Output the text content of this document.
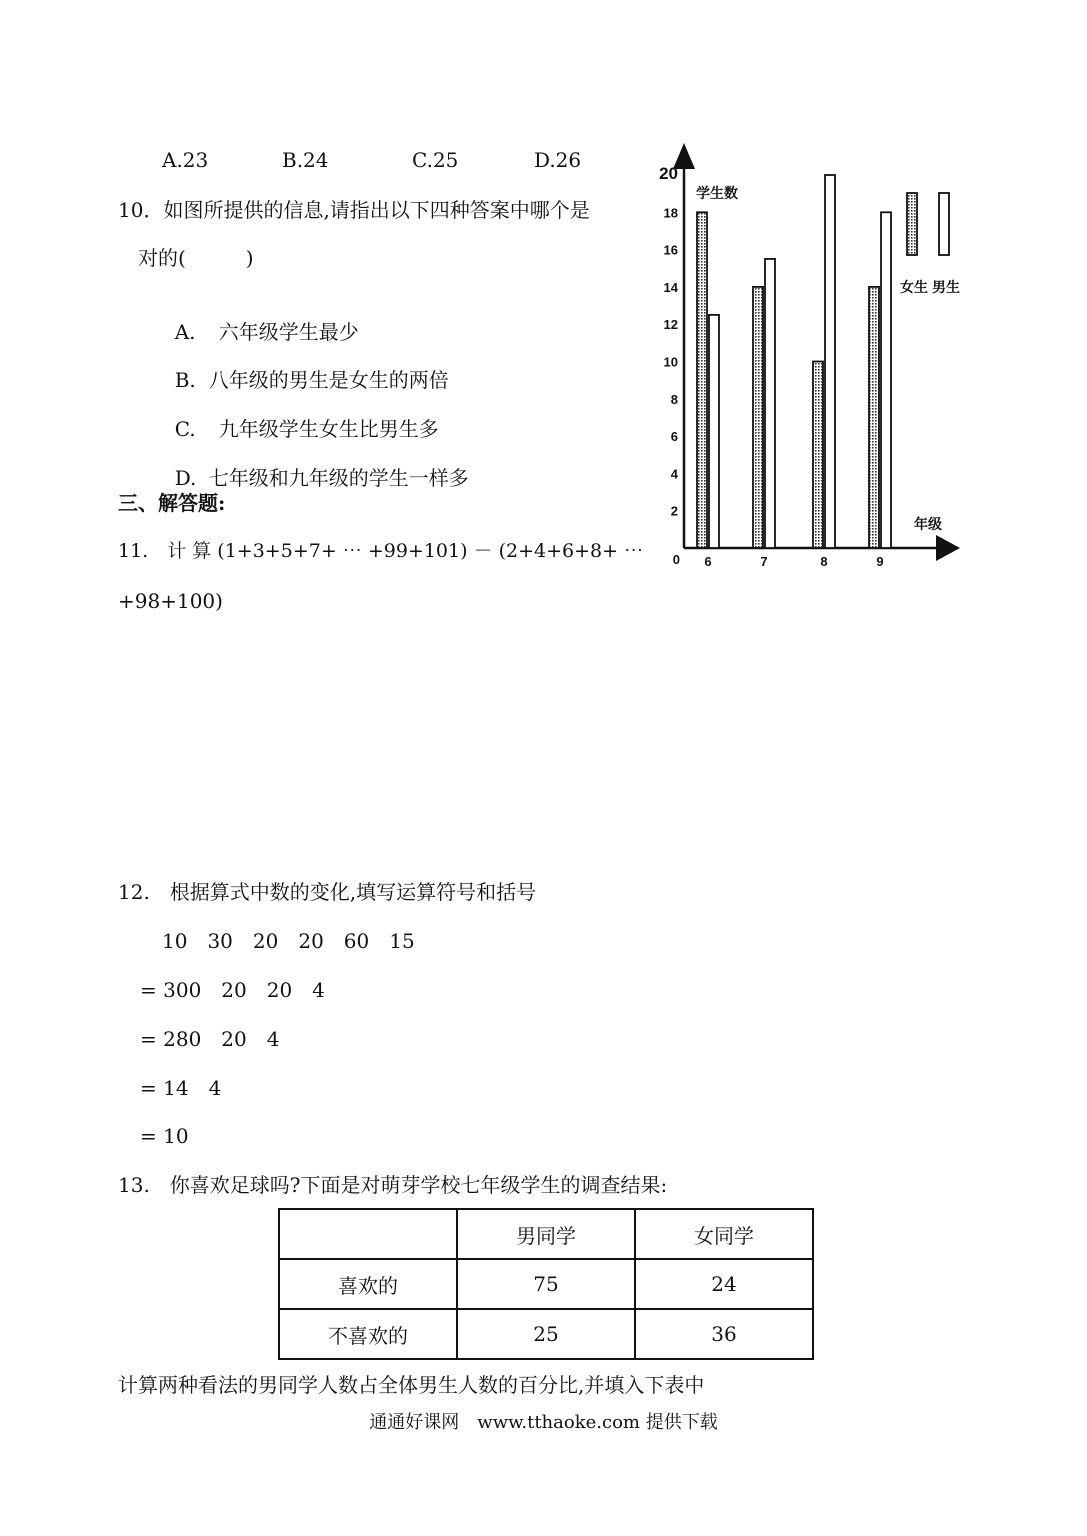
A.23	B.24	C.25	D.26
10．如图所提供的信息,请指出以下四种答案中哪个是
对的(　　　)

A. 六年级学生最少

B. 八年级的男生是女生的两倍

C. 九年级学生女生比男生多

D. 七年级和九年级的学生一样多

三、解答题:
11.　计 算 (1+3+5+7+ ⋯ +99+101) － (2+4+6+8+ ⋯
+98+100)
12.　根据算式中数的变化,填写运算符号和括号
10　30　20　20　60　15
= 300　20　20　4
= 280　20　4
= 14　4
= 10
13.　你喜欢足球吗?下面是对萌芽学校七年级学生的调查结果:
	男同学	女同学
喜欢的	75	24
不喜欢的	25	36
计算两种看法的男同学人数占全体男生人数的百分比,并填入下表中
通通好课网　www.tthaoke.com 提供下载
2
4
6
8
10
12
14
16
18
20
0
学生数
年级
6	7	8	9
女生 男生
